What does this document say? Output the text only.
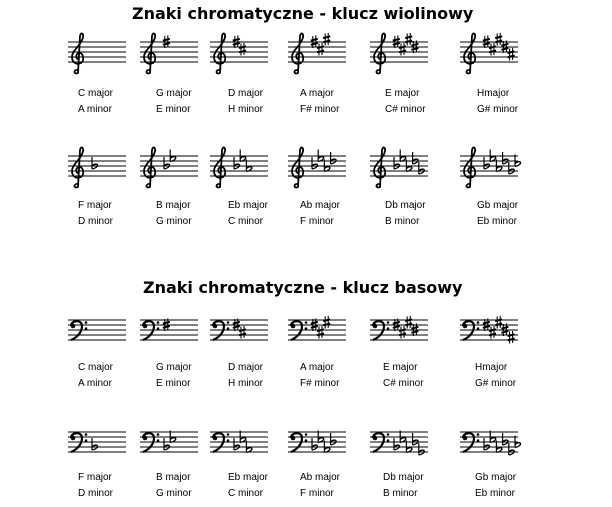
Znaki chromatyczne - klucz wiolinowy
Znaki chromatyczne - klucz basowy
C major
A minor
G major
E minor
D major
H minor
A major
F# minor
E major
C# minor
Hmajor
G# minor
F major
D minor
B major
G minor
Eb major
C minor
Ab major
F minor
Db major
B minor
Gb major
Eb minor
C major
A minor
G major
E minor
D major
H minor
A major
F# minor
E major
C# minor
Hmajor
G# minor
F major
D minor
B major
G minor
Eb major
C minor
Ab major
F minor
Db major
B minor
Gb major
Eb minor
